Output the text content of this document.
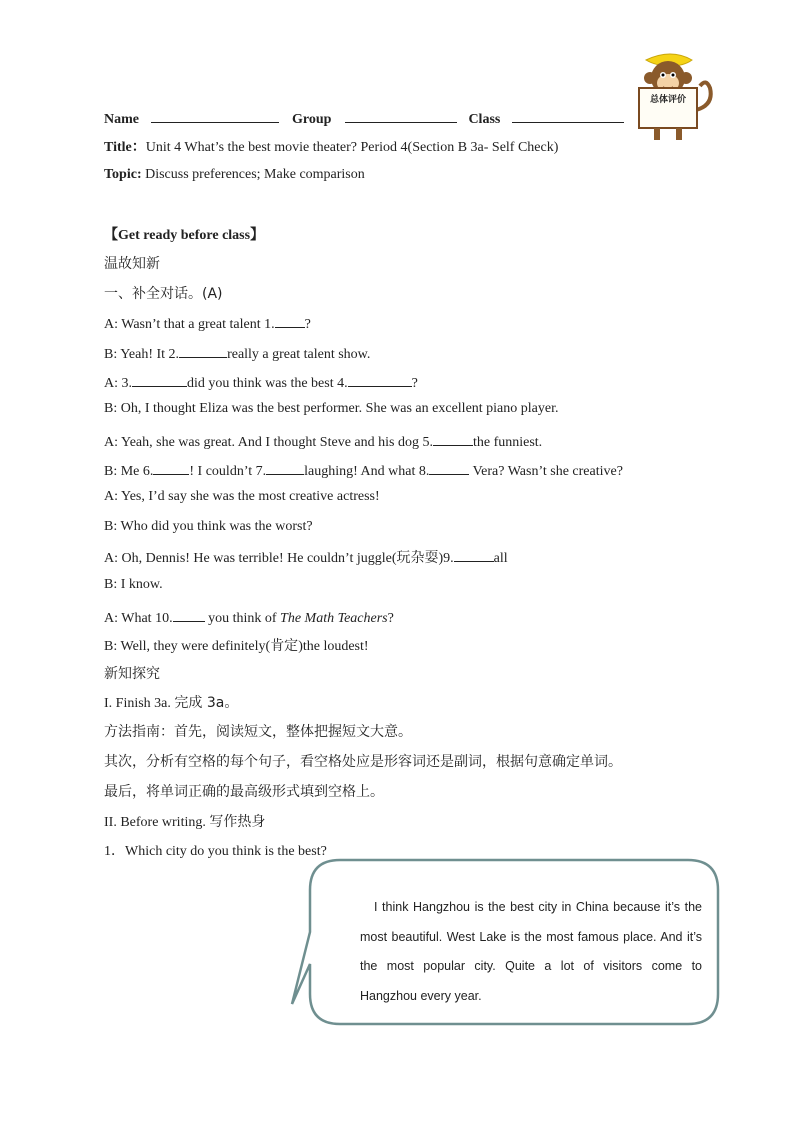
总体评价
Name	Group	Class
Title：Unit 4 What’s the best movie theater? Period 4(Section B 3a- Self Check)
Topic: Discuss preferences; Make comparison
【Get ready before class】
温故知新
一、补全对话。(A)
A: Wasn’t that a great talent 1. ?
B: Yeah! It 2.	really a great talent show.
A: 3.	did you think was the best 4.	?
B: Oh, I thought Eliza was the best performer. She was an excellent piano player.
A: Yeah, she was great. And I thought Steve and his dog 5.	the funniest.
B: Me 6.	! I couldn’t 7.	laughing! And what 8.	Vera? Wasn’t she creative?
A: Yes, I’d say she was the most creative actress!
B: Who did you think was the worst?
A: Oh, Dennis! He was terrible! He couldn’t juggle(玩杂耍)9.	all
B: I know.
A: What 10. you think of The Math Teachers?
B: Well, they were definitely(肯定)the loudest!
新知探究
I. Finish 3a. 完成 3a。
方法指南：首先，阅读短文，整体把握短文大意。
其次，分析有空格的每个句子，看空格处应是形容词还是副词，根据句意确定单词。
最后，将单词正确的最高级形式填到空格上。
II. Before writing. 写作热身
1．Which city do you think is the best?
I think Hangzhou is the best city in China because it’s the most beautiful. West Lake is the most famous place. And it’s the most popular city. Quite a lot of visitors come to Hangzhou every year.
